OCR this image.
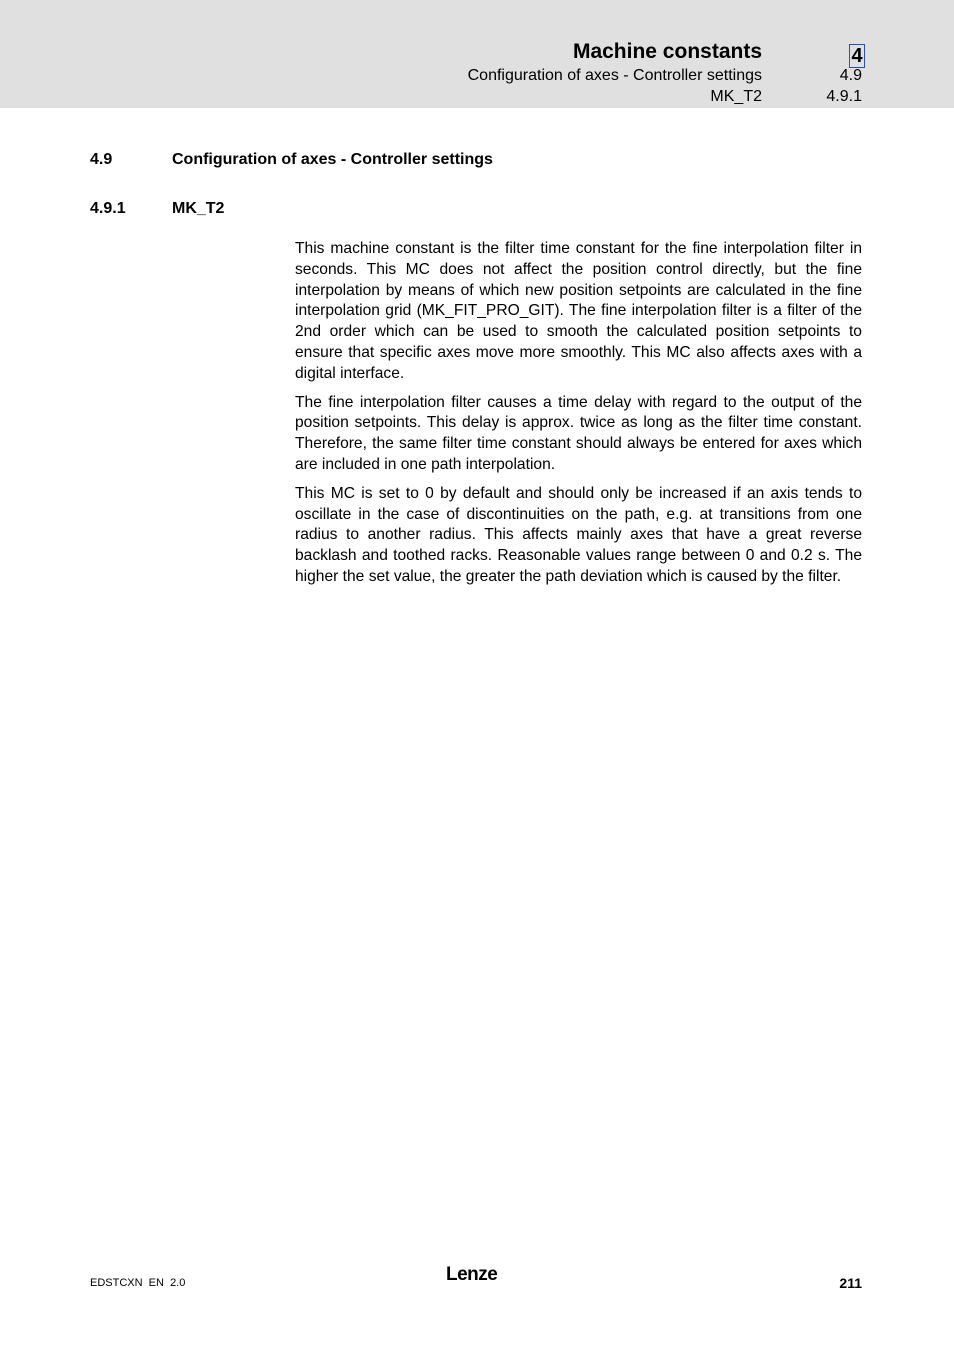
Machine constants	4
Configuration of axes - Controller settings	4.9
MK_T2	4.9.1
4.9	Configuration of axes - Controller settings
4.9.1	MK_T2

This machine constant is the filter time constant for the fine interpolation filter in seconds. This MC does not affect the position control directly, but the fine interpolation by means of which new position setpoints are calculated in the fine interpolation grid (MK_FIT_PRO_GIT). The fine interpolation filter is a filter of the 2nd order which can be used to smooth the calculated position setpoints to ensure that specific axes move more smoothly. This MC also affects axes with a digital interface.

The fine interpolation filter causes a time delay with regard to the output of the position setpoints. This delay is approx. twice as long as the filter time constant. Therefore, the same filter time constant should always be entered for axes which are included in one path interpolation.

This MC is set to 0 by default and should only be increased if an axis tends to oscillate in the case of discontinuities on the path, e.g. at transitions from one radius to another radius. This affects mainly axes that have a great reverse backlash and toothed racks. Reasonable values range between 0 and 0.2 s. The higher the set value, the greater the path deviation which is caused by the filter.

EDSTCXN  EN  2.0	Lenze	211
